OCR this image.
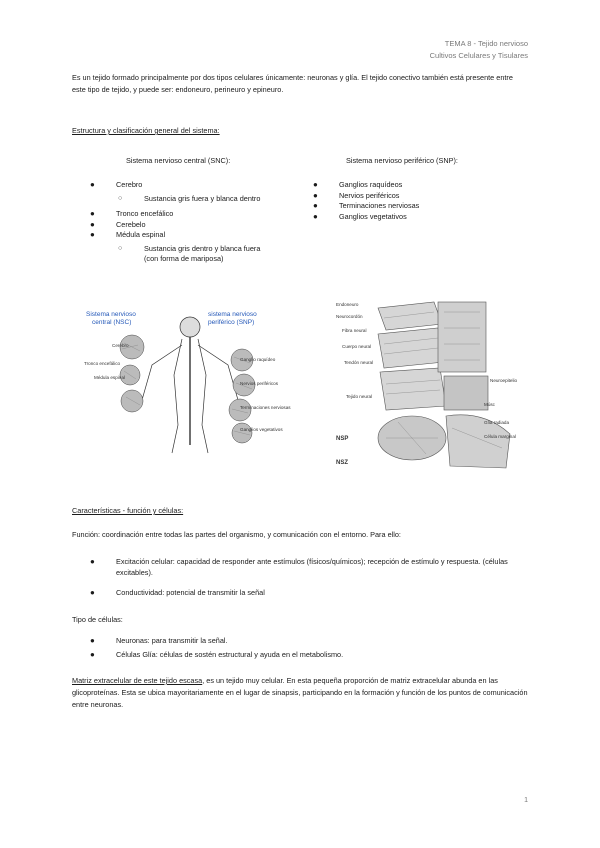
TEMA 8 - Tejido nervioso
Cultivos Celulares y Tisulares
Es un tejido formado principalmente por dos tipos celulares únicamente: neuronas y glía. El tejido conectivo también está presente entre este tipo de tejido, y puede ser: endoneuro, perineuro y epineuro.
Estructura y clasificación general del sistema:
Sistema nervioso central (SNC):	Sistema nervioso periférico (SNP):
●	Cerebro
○	Sustancia gris fuera y blanca dentro
●	Tronco encefálico
●	Cerebelo
●	Médula espinal
○	Sustancia gris dentro y blanca fuera
(con forma de mariposa)
●	Ganglios raquídeos
●	Nervios periféricos
●	Terminaciones nerviosas
●	Ganglios vegetativos
Sistema nervioso
central (NSC)
sistema nervioso
periférico (SNP)
Cerebro
Tronco encefálico
Médula espinal
Ganglio raquídeo
Nervios periféricos
Terminaciones nerviosas
Ganglios vegetativos
Endoneuro
Neurocordón
Fibra neural
Cuerpo neural
Tendón neural
Tejido neural
Neuroepitelio
Músc
Glía radiada
Célula marginal
NSP
NSZ
Características - función y células:
Función: coordinación entre todas las partes del organismo, y comunicación con el entorno. Para ello:
●	Excitación celular: capacidad de responder ante estímulos (físicos/químicos); recepción de estímulo y respuesta. (células excitables).
●	Conductividad: potencial de transmitir la señal
Tipo de células:
●	Neuronas: para transmitir la señal.
●	Células Glía: células de sostén estructural y ayuda en el metabolismo.
Matriz extracelular de este tejido escasa, es un tejido muy celular. En esta pequeña proporción de matriz extracelular abunda en las glicoproteínas. Esta se ubica mayoritariamente en el lugar de sinapsis, participando en la formación y función de los puntos de comunicación entre neuronas.
1
